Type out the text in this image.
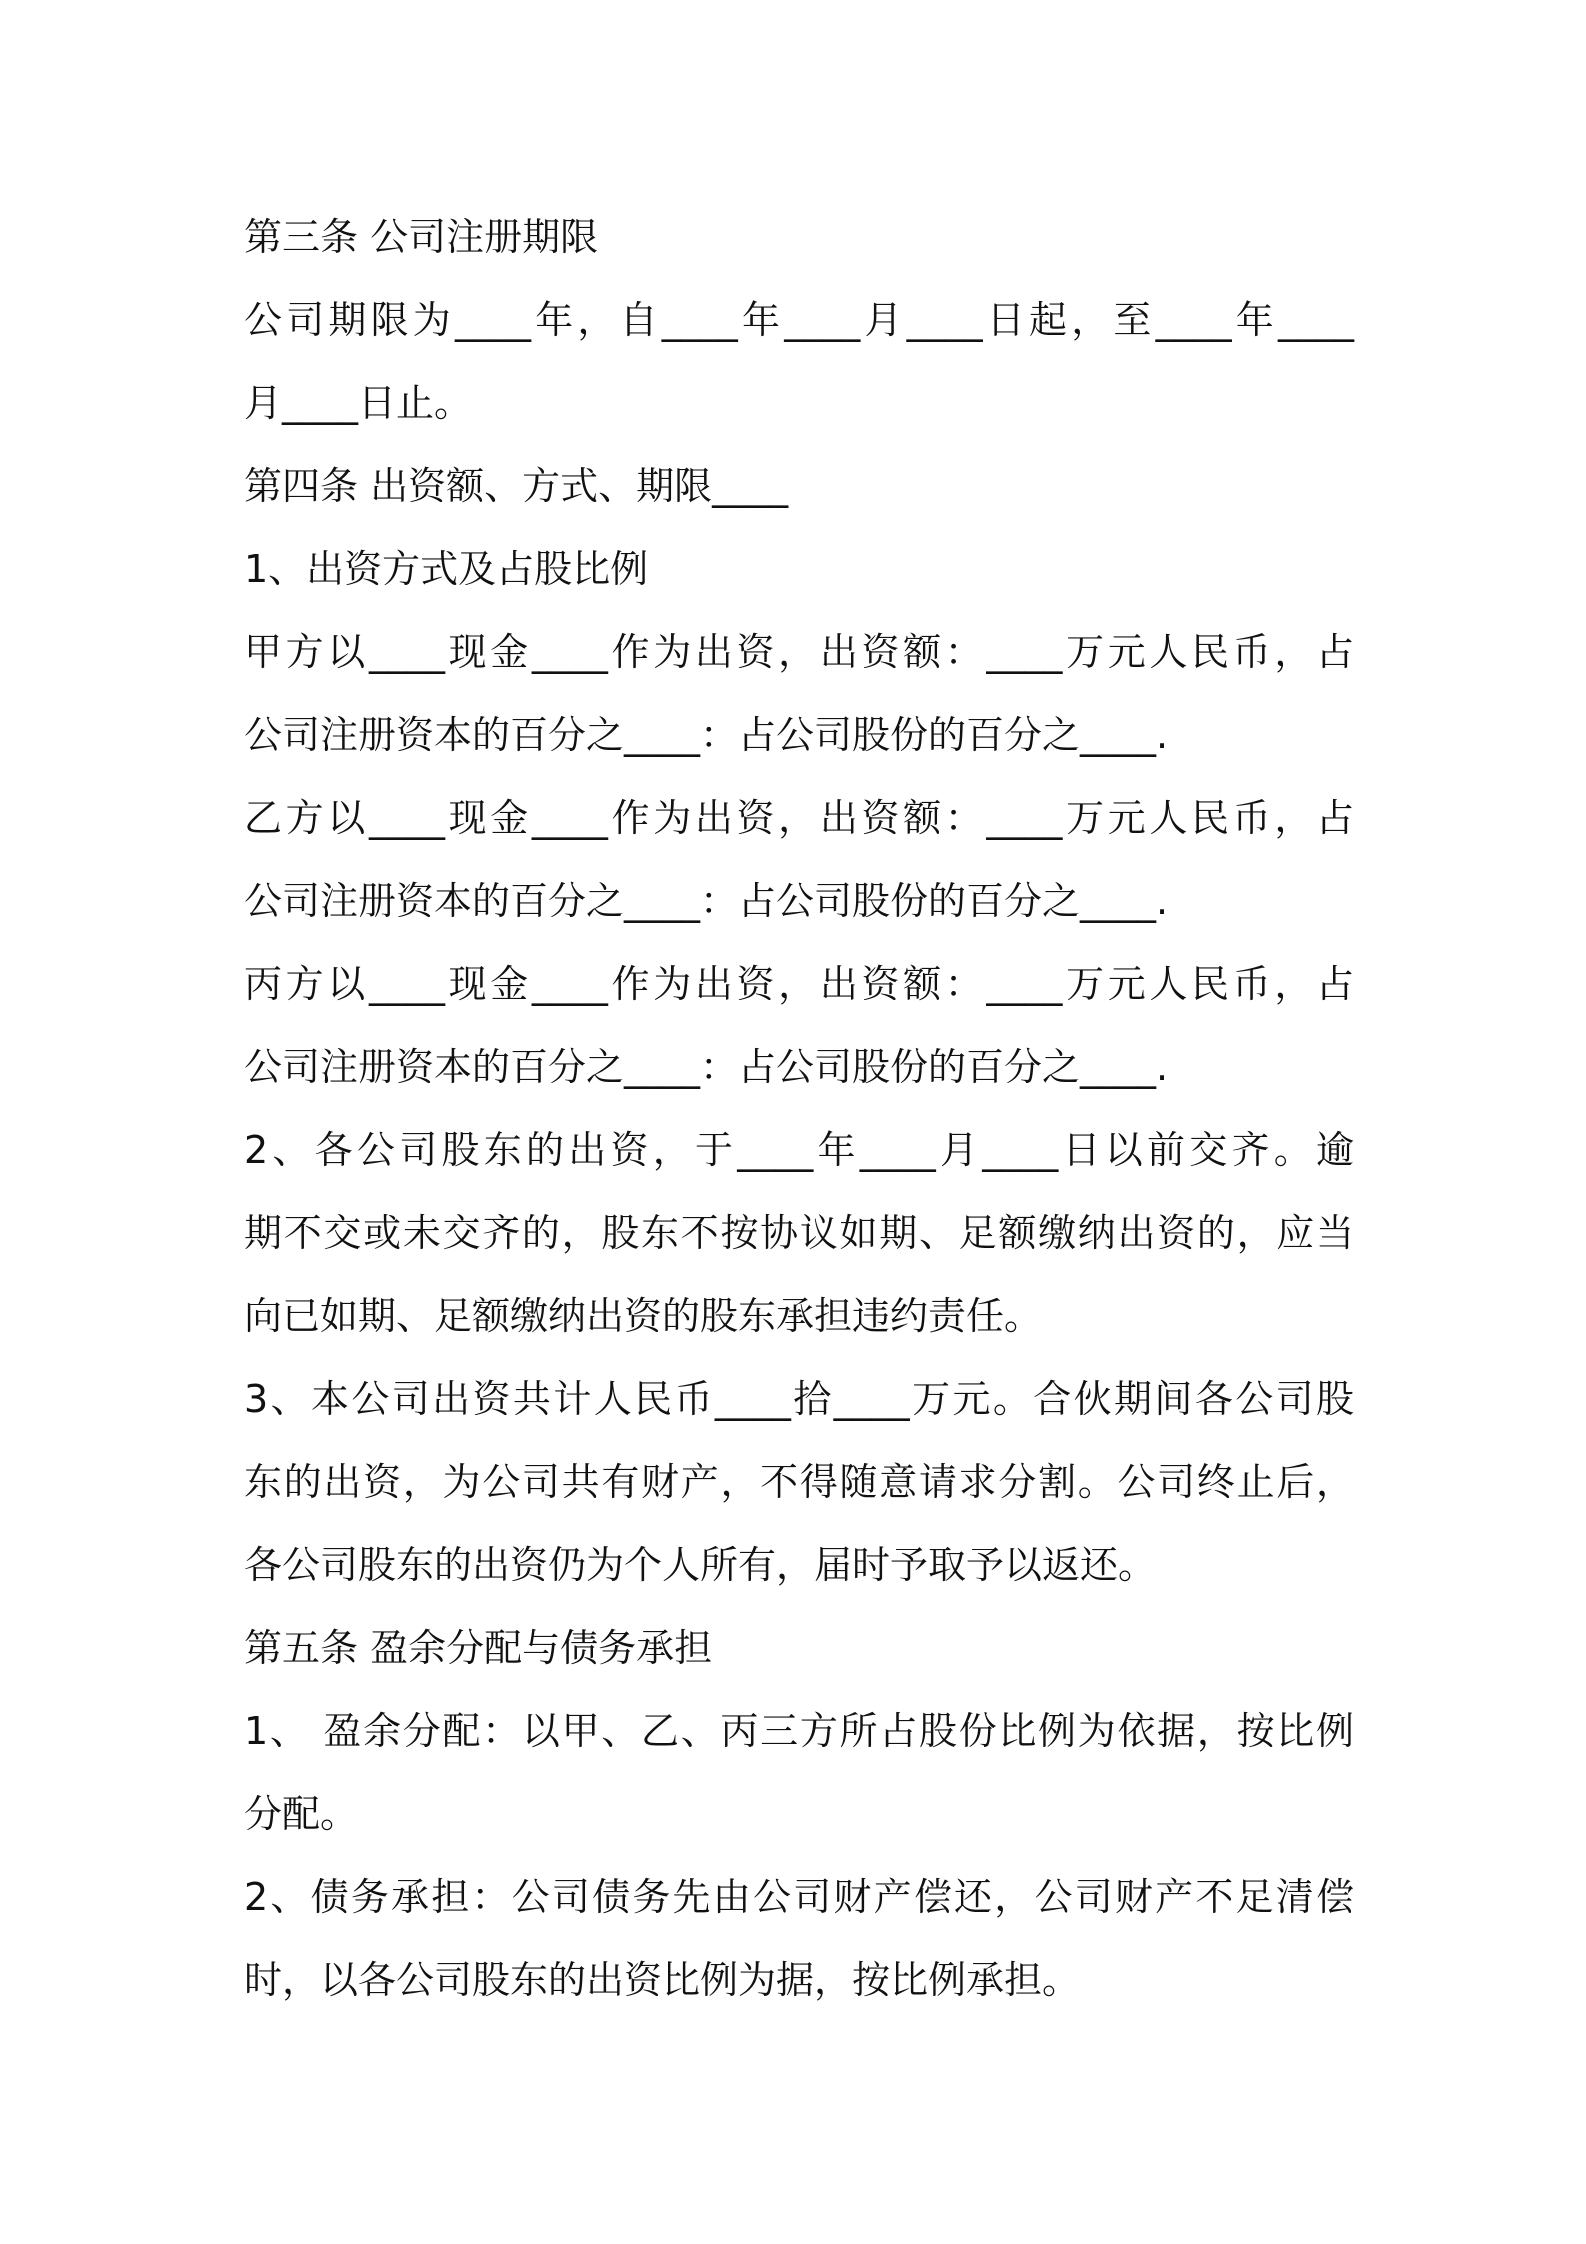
第三条 公司注册期限
公司期限为____年，自____年____月____日起，至____年____
月____日止。
第四条 出资额、方式、期限____
1、出资方式及占股比例
甲方以____现金____作为出资，出资额：____万元人民币，占
公司注册资本的百分之____：占公司股份的百分之____.
乙方以____现金____作为出资，出资额：____万元人民币，占
公司注册资本的百分之____：占公司股份的百分之____.
丙方以____现金____作为出资，出资额：____万元人民币，占
公司注册资本的百分之____：占公司股份的百分之____.
2、各公司股东的出资，于____年____月____日以前交齐。逾
期不交或未交齐的，股东不按协议如期、足额缴纳出资的，应当
向已如期、足额缴纳出资的股东承担违约责任。
3、本公司出资共计人民币____拾____万元。合伙期间各公司股
东的出资，为公司共有财产，不得随意请求分割。公司终止后，
各公司股东的出资仍为个人所有，届时予取予以返还。
第五条 盈余分配与债务承担
1、 盈余分配：以甲、乙、丙三方所占股份比例为依据，按比例
分配。
2、债务承担：公司债务先由公司财产偿还，公司财产不足清偿
时，以各公司股东的出资比例为据，按比例承担。
